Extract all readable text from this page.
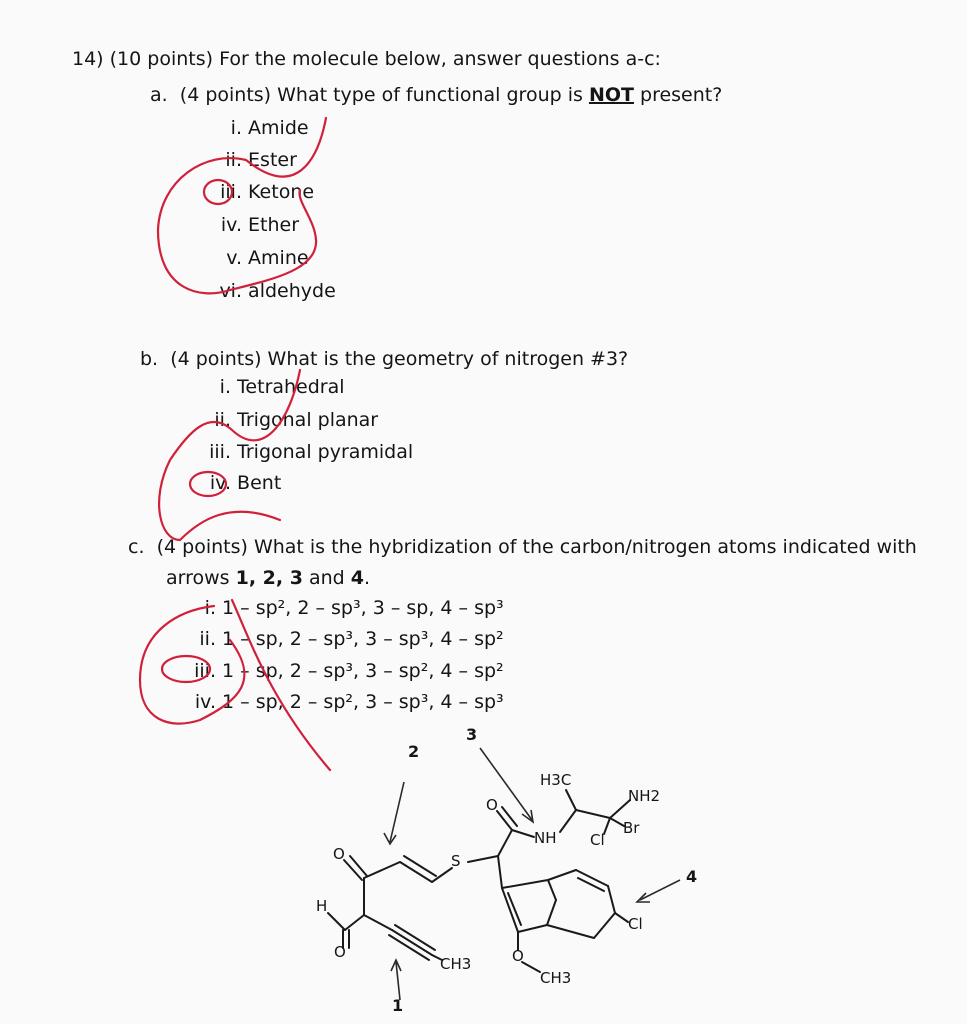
14) (10 points) For the molecule below, answer questions a-c:
a. (4 points) What type of functional group is NOT present?
i. Amide
ii. Ester
iii. Ketone
iv. Ether
v. Amine
vi. aldehyde
b. (4 points) What is the geometry of nitrogen #3?
i. Tetrahedral
ii. Trigonal planar
iii. Trigonal pyramidal
iv. Bent
c. (4 points) What is the hybridization of the carbon/nitrogen atoms indicated with
arrows 1, 2, 3 and 4.
i. 1 – sp², 2 – sp³, 3 – sp, 4 – sp³
ii. 1 – sp, 2 – sp³, 3 – sp³, 4 – sp²
iii. 1 – sp, 2 – sp³, 3 – sp², 4 – sp²
iv. 1 – sp, 2 – sp², 3 – sp³, 4 – sp³
O
H
O
S
CH3
O
NH
H3C
NH2
Br
Cl
Cl
O
CH3
2
3
4
1
